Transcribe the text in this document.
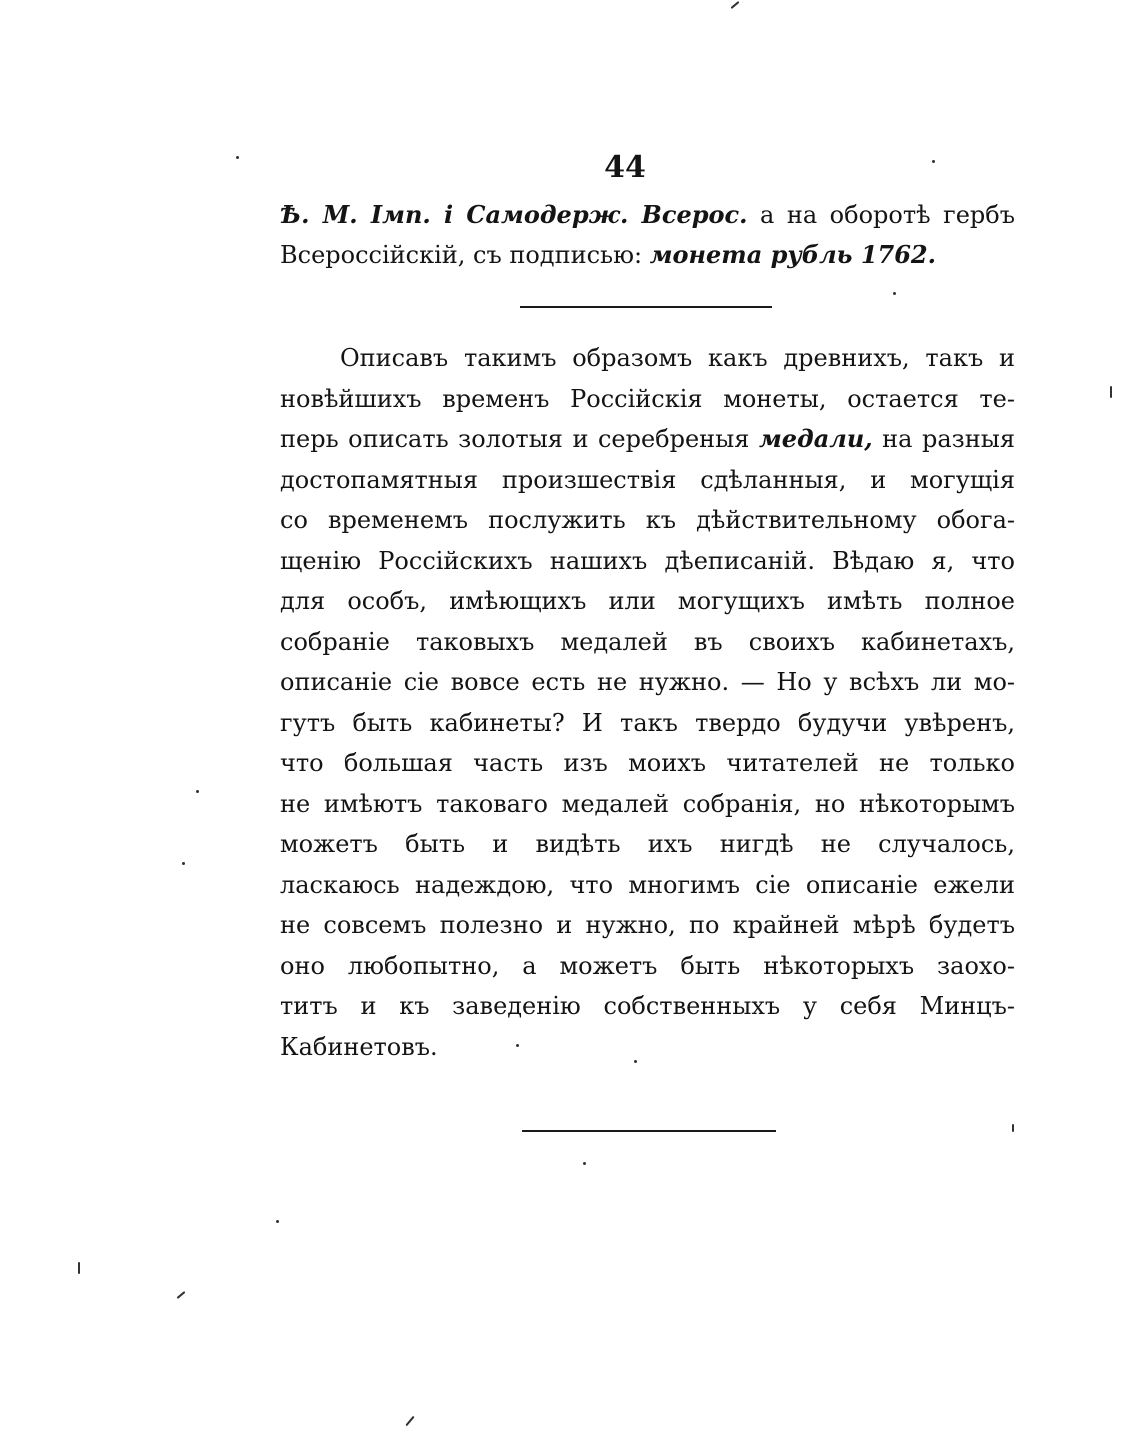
44
Ѣ. М. Імп. і Самодерж. Всерос. а на оборотѣ гербъ
Всероссійскій, съ подписью: монета рубль 1762.
Описавъ такимъ образомъ какъ древнихъ, такъ и
новѣйшихъ временъ Россійскія монеты, остается те-
перь описать золотыя и серебреныя медали, на разныя
достопамятныя произшествія сдѣланныя, и могущія
со временемъ послужить къ дѣйствительному обога-
щенію Россійскихъ нашихъ дѣеписаній. Вѣдаю я, что
для особъ, имѣющихъ или могущихъ имѣть полное
собраніе таковыхъ медалей въ своихъ кабинетахъ,
описаніе сіе вовсе есть не нужно. — Но у всѣхъ ли мо-
гутъ быть кабинеты? И такъ твердо будучи увѣренъ,
что большая часть изъ моихъ читателей не только
не имѣютъ таковаго медалей собранія, но нѣкоторымъ
можетъ быть и видѣть ихъ нигдѣ не случалось,
ласкаюсь надеждою, что многимъ сіе описаніе ежели
не совсемъ полезно и нужно, по крайней мѣрѣ будетъ
оно любопытно, а можетъ быть нѣкоторыхъ заохо-
титъ и къ заведенію собственныхъ у себя Минцъ-
Кабинетовъ.
